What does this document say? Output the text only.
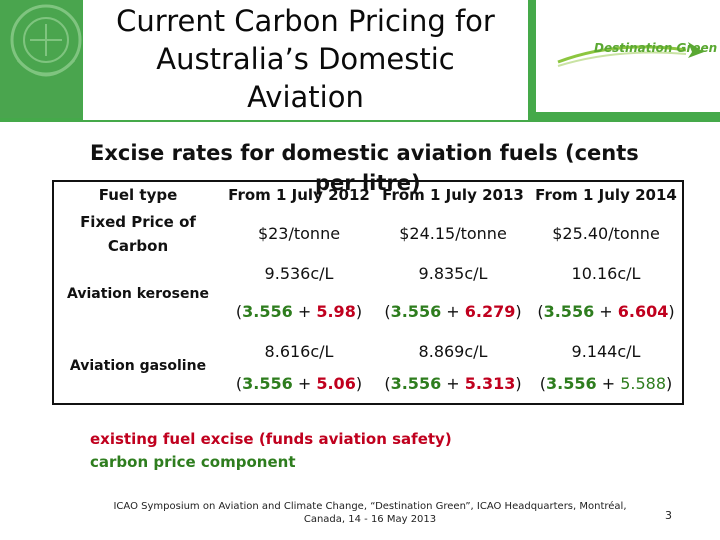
Current Carbon Pricing for
Australia’s Domestic
Aviation
Destination Green
Excise rates for domestic aviation fuels (cents
per litre)
Fuel type
Fixed Price of
Carbon
Aviation kerosene
Aviation gasoline
From 1 July 2012
$23/tonne
9.536c/L
(3.556 + 5.98)
8.616c/L
(3.556 + 5.06)
From 1 July 2013
$24.15/tonne
9.835c/L
(3.556 + 6.279)
8.869c/L
(3.556 + 5.313)
From 1 July 2014
$25.40/tonne
10.16c/L
(3.556 + 6.604)
9.144c/L
(3.556 + 5.588)
existing fuel excise (funds aviation safety)
carbon price component
ICAO Symposium on Aviation and Climate Change, “Destination Green”, ICAO Headquarters, Montréal,
Canada, 14 - 16 May 2013	3
